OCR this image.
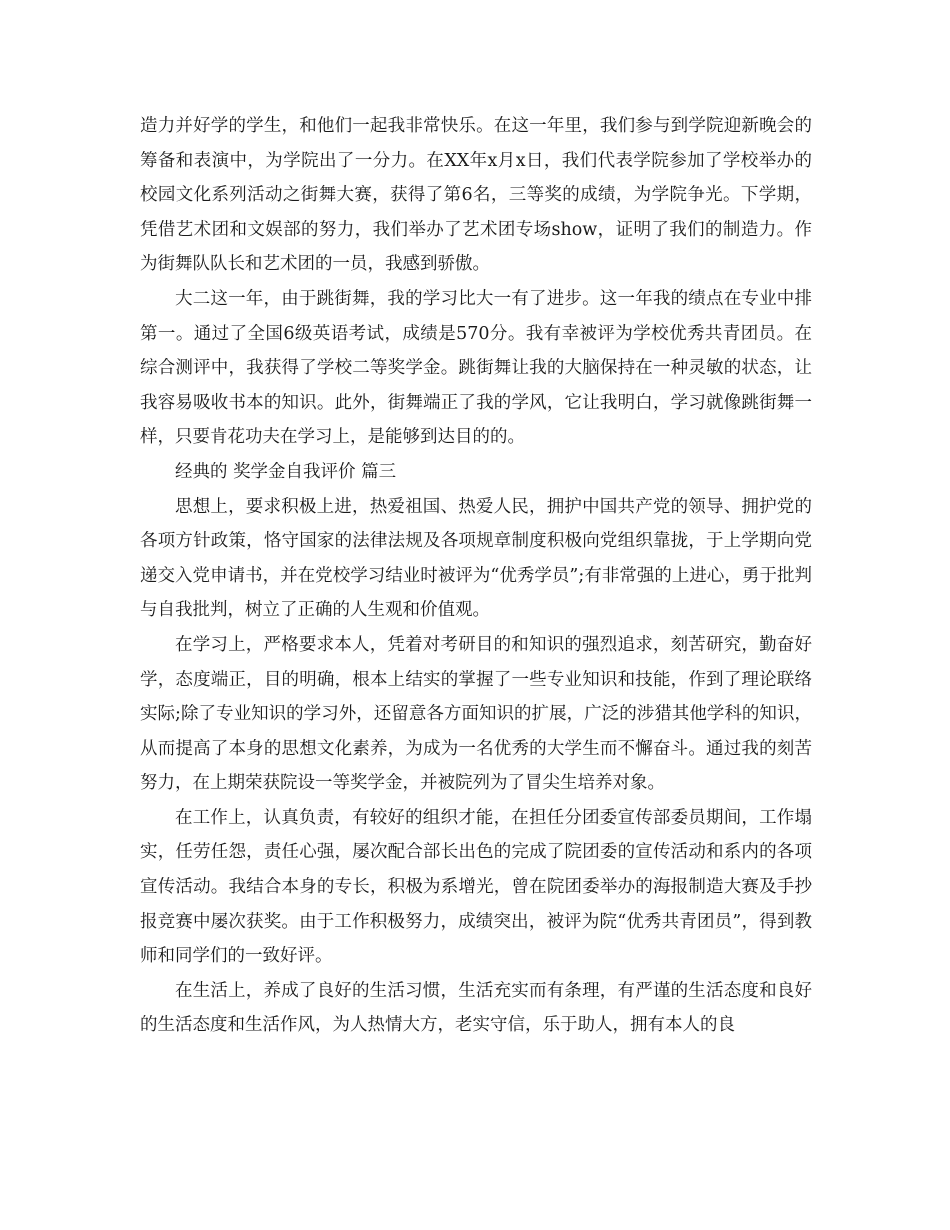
造力并好学的学生，和他们一起我非常快乐。在这一年里，我们参与到学院迎新晚会的筹备和表演中，为学院出了一分力。在XX年x月x日，我们代表学院参加了学校举办的校园文化系列活动之街舞大赛，获得了第6名，三等奖的成绩，为学院争光。下学期，凭借艺术团和文娱部的努力，我们举办了艺术团专场show，证明了我们的制造力。作为街舞队队长和艺术团的一员，我感到骄傲。

大二这一年，由于跳街舞，我的学习比大一有了进步。这一年我的绩点在专业中排第一。通过了全国6级英语考试，成绩是570分。我有幸被评为学校优秀共青团员。在综合测评中，我获得了学校二等奖学金。跳街舞让我的大脑保持在一种灵敏的状态，让我容易吸收书本的知识。此外，街舞端正了我的学风，它让我明白，学习就像跳街舞一样，只要肯花功夫在学习上，是能够到达目的的。

经典的 奖学金自我评价 篇三

思想上，要求积极上进，热爱祖国、热爱人民，拥护中国共产党的领导、拥护党的各项方针政策，恪守国家的法律法规及各项规章制度积极向党组织靠拢，于上学期向党递交入党申请书，并在党校学习结业时被评为“优秀学员”;有非常强的上进心，勇于批判与自我批判，树立了正确的人生观和价值观。

在学习上，严格要求本人，凭着对考研目的和知识的强烈追求，刻苦研究，勤奋好学，态度端正，目的明确，根本上结实的掌握了一些专业知识和技能，作到了理论联络实际;除了专业知识的学习外，还留意各方面知识的扩展，广泛的涉猎其他学科的知识，从而提高了本身的思想文化素养，为成为一名优秀的大学生而不懈奋斗。通过我的刻苦努力，在上期荣获院设一等奖学金，并被院列为了冒尖生培养对象。

在工作上，认真负责，有较好的组织才能，在担任分团委宣传部委员期间，工作塌实，任劳任怨，责任心强，屡次配合部长出色的完成了院团委的宣传活动和系内的各项宣传活动。我结合本身的专长，积极为系增光，曾在院团委举办的海报制造大赛及手抄报竞赛中屡次获奖。由于工作积极努力，成绩突出，被评为院“优秀共青团员”，得到教师和同学们的一致好评。

在生活上，养成了良好的生活习惯，生活充实而有条理，有严谨的生活态度和良好的生活态度和生活作风，为人热情大方，老实守信，乐于助人，拥有本人的良
